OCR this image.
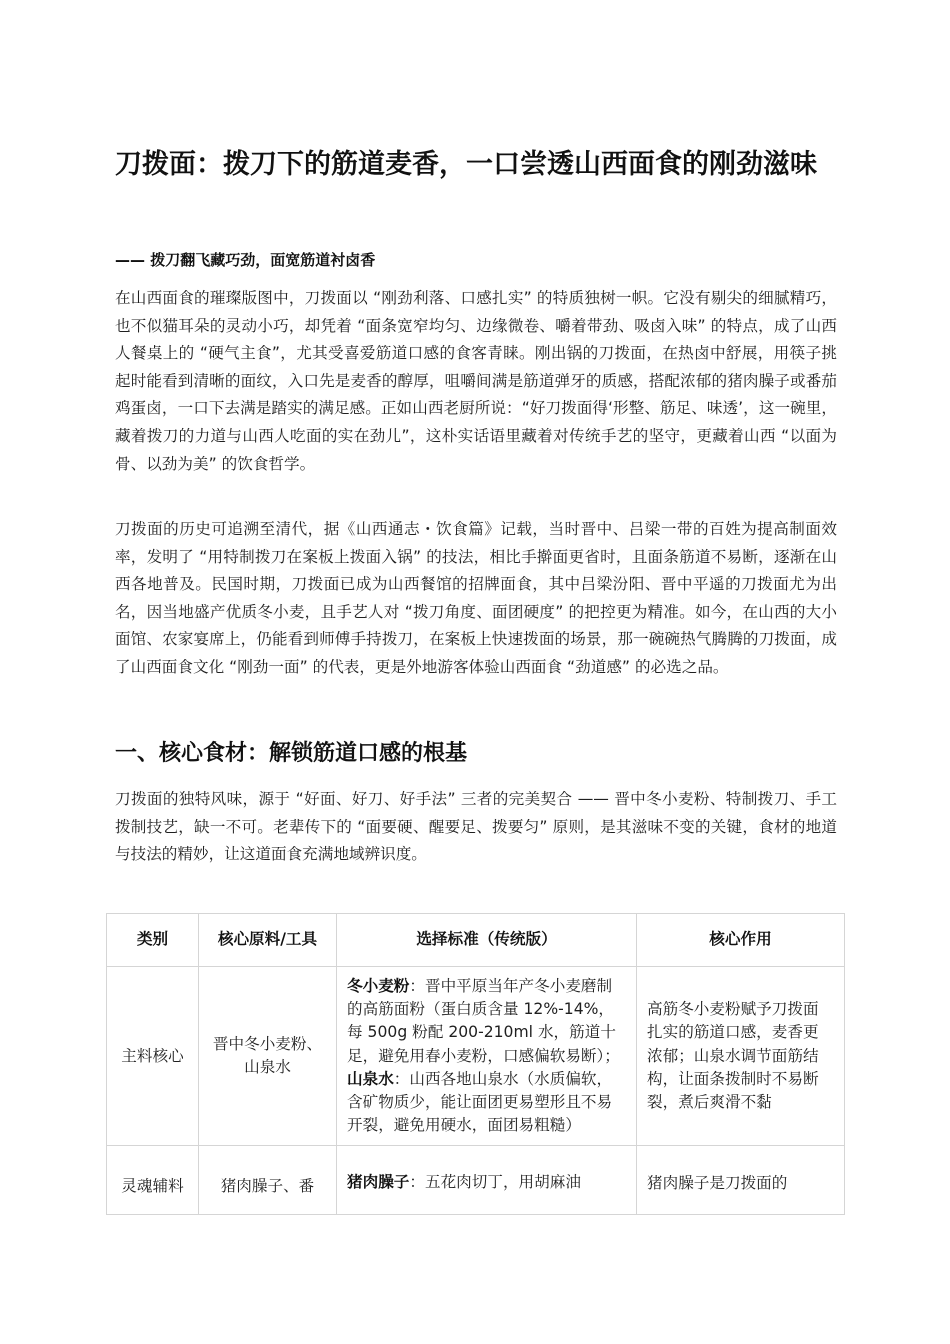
刀拨面：拨刀下的筋道麦香，一口尝透山西面食的刚劲滋味
—— 拨刀翻飞藏巧劲，面宽筋道衬卤香

在山西面食的璀璨版图中，刀拨面以 “刚劲利落、口感扎实” 的特质独树一帜。它没有剔尖的细腻精巧，也不似猫耳朵的灵动小巧，却凭着 “面条宽窄均匀、边缘微卷、嚼着带劲、吸卤入味” 的特点，成了山西人餐桌上的 “硬气主食”，尤其受喜爱筋道口感的食客青睐。刚出锅的刀拨面，在热卤中舒展，用筷子挑起时能看到清晰的面纹，入口先是麦香的醇厚，咀嚼间满是筋道弹牙的质感，搭配浓郁的猪肉臊子或番茄鸡蛋卤，一口下去满是踏实的满足感。正如山西老厨所说：“好刀拨面得‘形整、筋足、味透’，这一碗里，藏着拨刀的力道与山西人吃面的实在劲儿”，这朴实话语里藏着对传统手艺的坚守，更藏着山西 “以面为骨、以劲为美” 的饮食哲学。

刀拨面的历史可追溯至清代，据《山西通志・饮食篇》记载，当时晋中、吕梁一带的百姓为提高制面效率，发明了 “用特制拨刀在案板上拨面入锅” 的技法，相比手擀面更省时，且面条筋道不易断，逐渐在山西各地普及。民国时期，刀拨面已成为山西餐馆的招牌面食，其中吕梁汾阳、晋中平遥的刀拨面尤为出名，因当地盛产优质冬小麦，且手艺人对 “拨刀角度、面团硬度” 的把控更为精准。如今，在山西的大小面馆、农家宴席上，仍能看到师傅手持拨刀，在案板上快速拨面的场景，那一碗碗热气腾腾的刀拨面，成了山西面食文化 “刚劲一面” 的代表，更是外地游客体验山西面食 “劲道感” 的必选之品。

一、核心食材：解锁筋道口感的根基

刀拨面的独特风味，源于 “好面、好刀、好手法” 三者的完美契合 —— 晋中冬小麦粉、特制拨刀、手工拨制技艺，缺一不可。老辈传下的 “面要硬、醒要足、拨要匀” 原则，是其滋味不变的关键，食材的地道与技法的精妙，让这道面食充满地域辨识度。

类别	核心原料/工具	选择标准（传统版）	核心作用
主料核心	晋中冬小麦粉、山泉水	冬小麦粉：晋中平原当年产冬小麦磨制的高筋面粉（蛋白质含量 12%-14%，每 500g 粉配 200-210ml 水，筋道十足，避免用春小麦粉，口感偏软易断）；山泉水：山西各地山泉水（水质偏软，含矿物质少，能让面团更易塑形且不易开裂，避免用硬水，面团易粗糙）	高筋冬小麦粉赋予刀拨面扎实的筋道口感，麦香更浓郁；山泉水调节面筋结构，让面条拨制时不易断裂，煮后爽滑不黏
灵魂辅料	猪肉臊子、番	猪肉臊子：五花肉切丁，用胡麻油	猪肉臊子是刀拨面的
